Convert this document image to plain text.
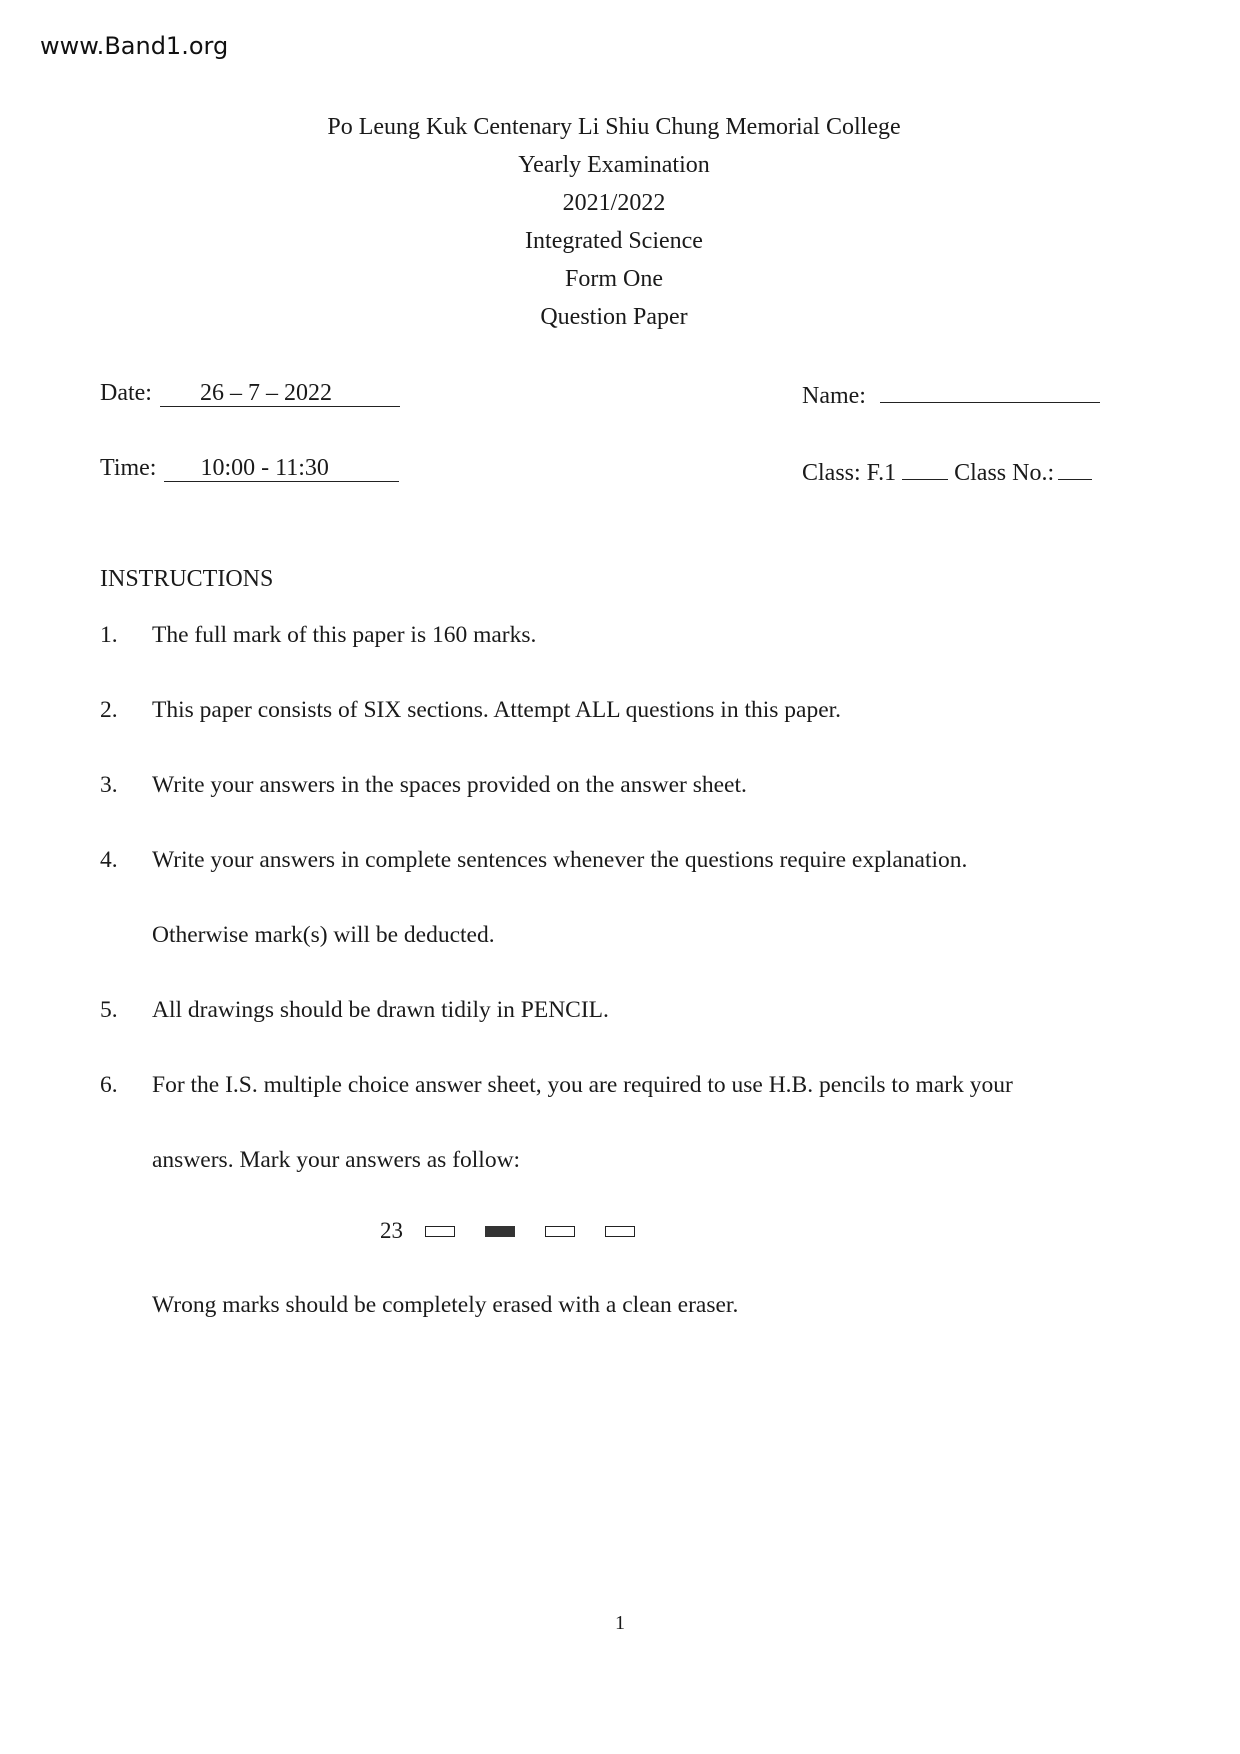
www.Band1.org
Po Leung Kuk Centenary Li Shiu Chung Memorial College
Yearly Examination
2021/2022
Integrated Science
Form One
Question Paper
Date: 26 – 7 – 2022
Time: 10:00 - 11:30
Name:
Class: F.1 Class No.:
INSTRUCTIONS
1.	The full mark of this paper is 160 marks.
2.	This paper consists of SIX sections. Attempt ALL questions in this paper.
3.	Write your answers in the spaces provided on the answer sheet.
4.	Write your answers in complete sentences whenever the questions require explanation.
Otherwise mark(s) will be deducted.
5.	All drawings should be drawn tidily in PENCIL.
6.	For the I.S. multiple choice answer sheet, you are required to use H.B. pencils to mark your
answers. Mark your answers as follow:
23
Wrong marks should be completely erased with a clean eraser.
1
